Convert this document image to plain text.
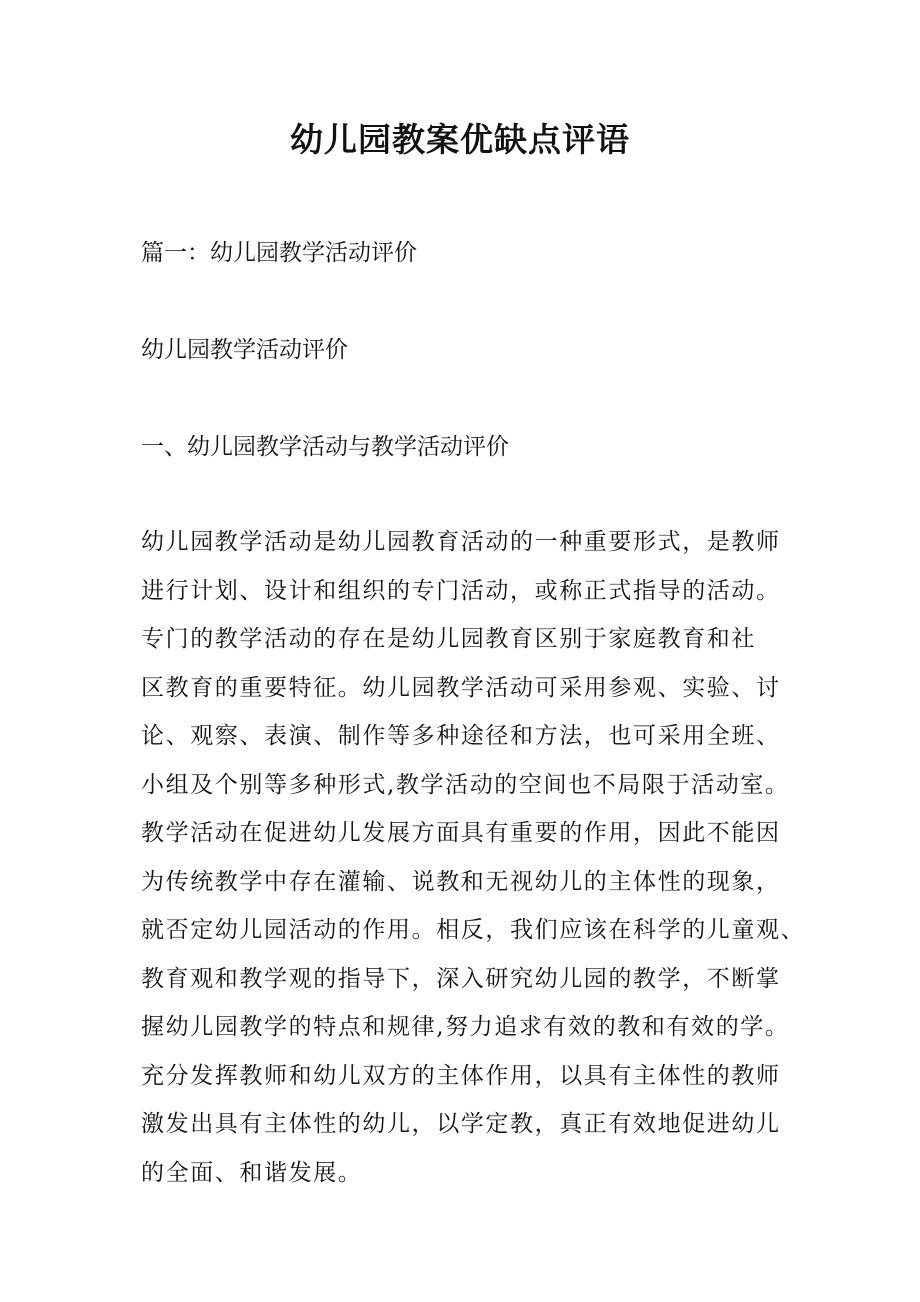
幼儿园教案优缺点评语

篇一：幼儿园教学活动评价

幼儿园教学活动评价

一、幼儿园教学活动与教学活动评价

幼儿园教学活动是幼儿园教育活动的一种重要形式，是教师
进行计划、设计和组织的专门活动，或称正式指导的活动。
专门的教学活动的存在是幼儿园教育区别于家庭教育和社
区教育的重要特征。幼儿园教学活动可采用参观、实验、讨
论、观察、表演、制作等多种途径和方法，也可采用全班、
小组及个别等多种形式,教学活动的空间也不局限于活动室。
教学活动在促进幼儿发展方面具有重要的作用，因此不能因
为传统教学中存在灌输、说教和无视幼儿的主体性的现象，
就否定幼儿园活动的作用。相反，我们应该在科学的儿童观、
教育观和教学观的指导下，深入研究幼儿园的教学，不断掌
握幼儿园教学的特点和规律,努力追求有效的教和有效的学。
充分发挥教师和幼儿双方的主体作用，以具有主体性的教师
激发出具有主体性的幼儿，以学定教，真正有效地促进幼儿
的全面、和谐发展。
